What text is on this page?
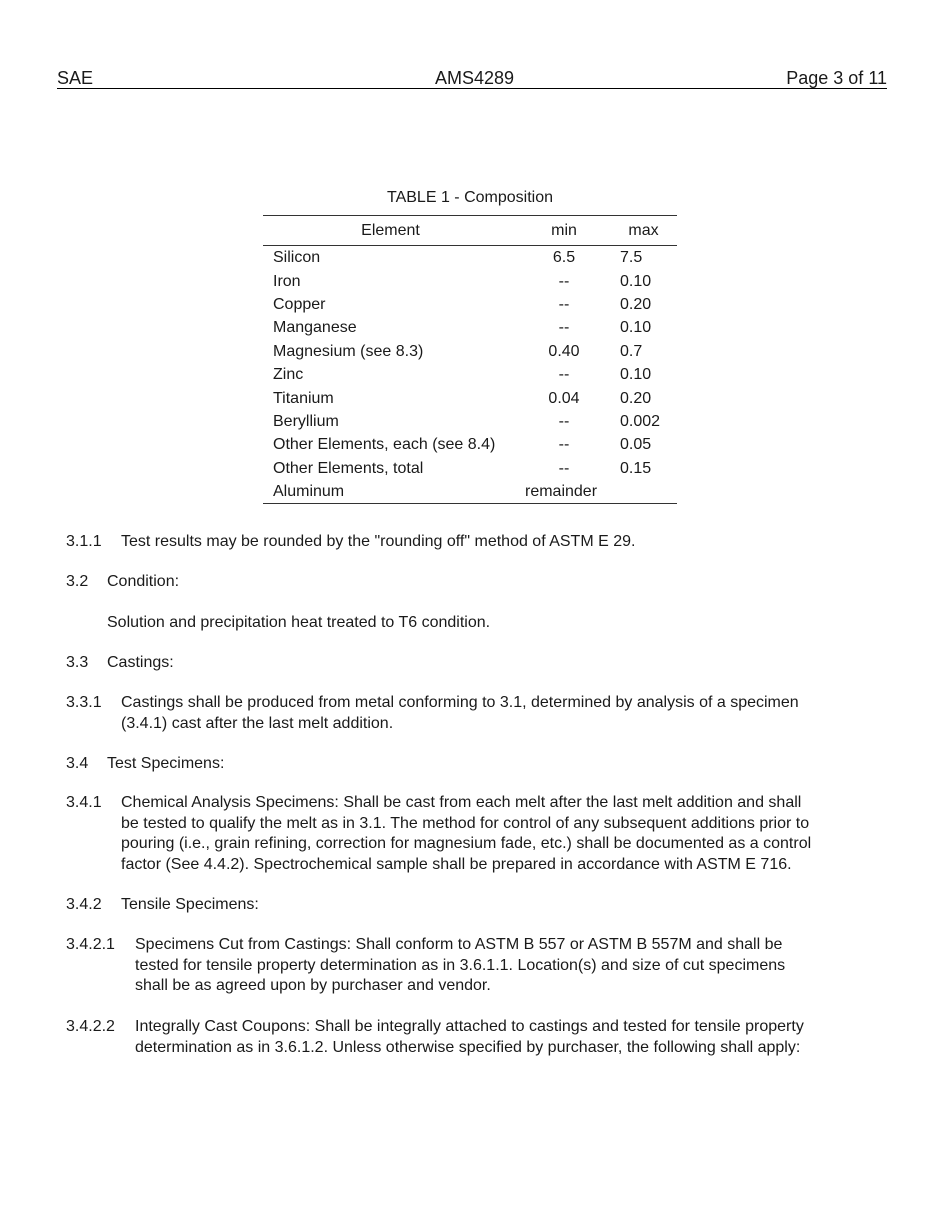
SAE	AMS4289	Page 3 of 11
TABLE 1 - Composition
Element	min	max
Silicon	6.5	7.5
Iron	--	0.10
Copper	--	0.20
Manganese	--	0.10
Magnesium (see 8.3)	0.40	0.7
Zinc	--	0.10
Titanium	0.04	0.20
Beryllium	--	0.002
Other Elements, each (see 8.4)	--	0.05
Other Elements, total	--	0.15
Aluminum	remainder	
3.1.1 Test results may be rounded by the "rounding off" method of ASTM E 29.
3.2 Condition:
Solution and precipitation heat treated to T6 condition.
3.3 Castings:
3.3.1 Castings shall be produced from metal conforming to 3.1, determined by analysis of a specimen
(3.4.1) cast after the last melt addition.
3.4 Test Specimens:
3.4.1 Chemical Analysis Specimens: Shall be cast from each melt after the last melt addition and shall
be tested to qualify the melt as in 3.1. The method for control of any subsequent additions prior to
pouring (i.e., grain refining, correction for magnesium fade, etc.) shall be documented as a control
factor (See 4.4.2). Spectrochemical sample shall be prepared in accordance with ASTM E 716.
3.4.2 Tensile Specimens:
3.4.2.1 Specimens Cut from Castings: Shall conform to ASTM B 557 or ASTM B 557M and shall be
tested for tensile property determination as in 3.6.1.1. Location(s) and size of cut specimens
shall be as agreed upon by purchaser and vendor.
3.4.2.2 Integrally Cast Coupons: Shall be integrally attached to castings and tested for tensile property
determination as in 3.6.1.2. Unless otherwise specified by purchaser, the following shall apply:
